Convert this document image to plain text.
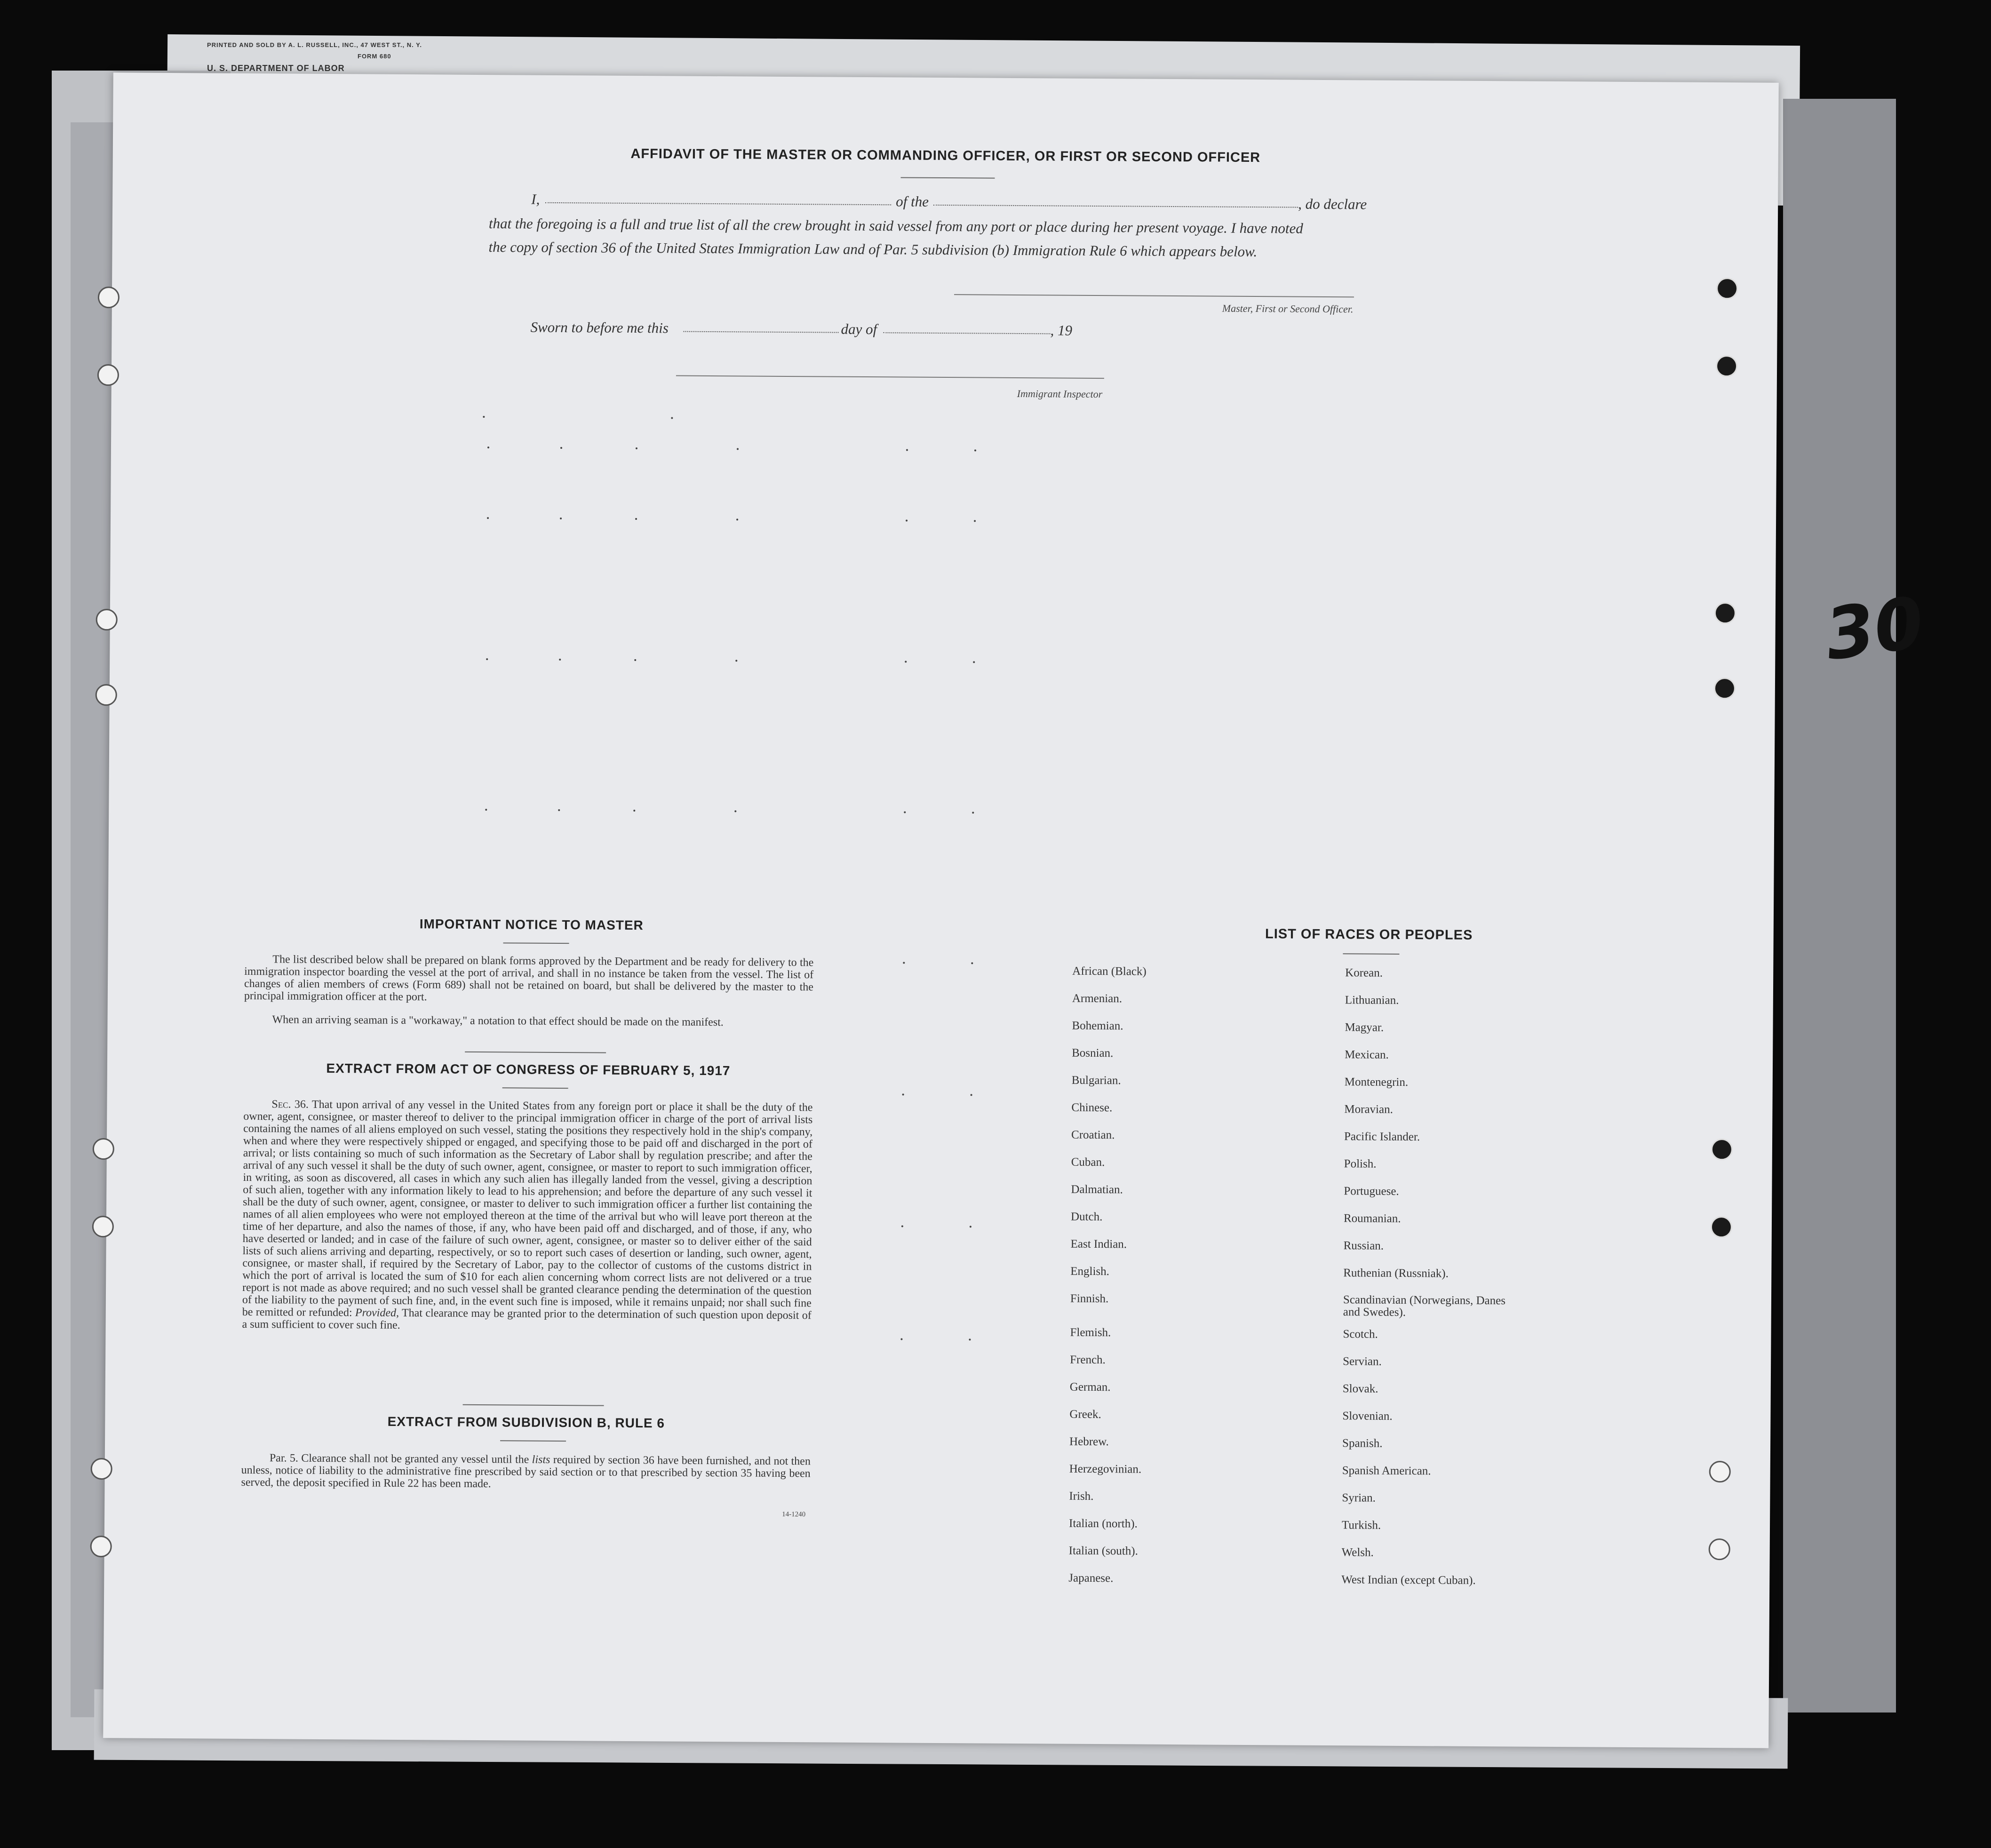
PRINTED AND SOLD BY A. L. RUSSELL, INC., 47 WEST ST., N. Y.
FORM 680
U. S. DEPARTMENT OF LABOR
30
AFFIDAVIT OF THE MASTER OR COMMANDING OFFICER, OR FIRST OR SECOND OFFICER
I,	of the	, do declare
that the foregoing is a full and true list of all the crew brought in said vessel from any port or place during her present voyage. I have noted
the copy of section 36 of the United States Immigration Law and of Par. 5 subdivision (b) Immigration Rule 6 which appears below.
Master, First or Second Officer.
Sworn to before me this	day of	, 19
Immigrant Inspector
IMPORTANT NOTICE TO MASTER
The list described below shall be prepared on blank forms approved by the Department and be ready for delivery to the immigration inspector boarding the vessel at the port of arrival, and shall in no instance be taken from the vessel. The list of changes of alien members of crews (Form 689) shall not be retained on board, but shall be delivered by the master to the principal immigration officer at the port.
When an arriving seaman is a "workaway," a notation to that effect should be made on the manifest.
EXTRACT FROM ACT OF CONGRESS OF FEBRUARY 5, 1917
Sec. 36. That upon arrival of any vessel in the United States from any foreign port or place it shall be the duty of the owner, agent, consignee, or master thereof to deliver to the principal immigration officer in charge of the port of arrival lists containing the names of all aliens employed on such vessel, stating the positions they respectively hold in the ship's company, when and where they were respectively shipped or engaged, and specifying those to be paid off and discharged in the port of arrival; or lists containing so much of such information as the Secretary of Labor shall by regulation prescribe; and after the arrival of any such vessel it shall be the duty of such owner, agent, consignee, or master to report to such immigration officer, in writing, as soon as discovered, all cases in which any such alien has illegally landed from the vessel, giving a description of such alien, together with any information likely to lead to his apprehension; and before the departure of any such vessel it shall be the duty of such owner, agent, consignee, or master to deliver to such immigration officer a further list containing the names of all alien employees who were not employed thereon at the time of the arrival but who will leave port thereon at the time of her departure, and also the names of those, if any, who have been paid off and discharged, and of those, if any, who have deserted or landed; and in case of the failure of such owner, agent, consignee, or master so to deliver either of the said lists of such aliens arriving and departing, respectively, or so to report such cases of desertion or landing, such owner, agent, consignee, or master shall, if required by the Secretary of Labor, pay to the collector of customs of the customs district in which the port of arrival is located the sum of $10 for each alien concerning whom correct lists are not delivered or a true report is not made as above required; and no such vessel shall be granted clearance pending the determination of the question of the liability to the payment of such fine, and, in the event such fine is imposed, while it remains unpaid; nor shall such fine be remitted or refunded: Provided, That clearance may be granted prior to the determination of such question upon deposit of a sum sufficient to cover such fine.
EXTRACT FROM SUBDIVISION B, RULE 6
Par. 5. Clearance shall not be granted any vessel until the lists required by section 36 have been furnished, and not then unless, notice of liability to the administrative fine prescribed by said section or to that prescribed by section 35 having been served, the deposit specified in Rule 22 has been made.
14-1240
LIST OF RACES OR PEOPLES
African (Black)
Armenian.
Bohemian.
Bosnian.
Bulgarian.
Chinese.
Croatian.
Cuban.
Dalmatian.
Dutch.
East Indian.
English.
Finnish.
Flemish.
French.
German.
Greek.
Hebrew.
Herzegovinian.
Irish.
Italian (north).
Italian (south).
Japanese.
Korean.
Lithuanian.
Magyar.
Mexican.
Montenegrin.
Moravian.
Pacific Islander.
Polish.
Portuguese.
Roumanian.
Russian.
Ruthenian (Russniak).
Scandinavian (Norwegians, Danes and Swedes).
Scotch.
Servian.
Slovak.
Slovenian.
Spanish.
Spanish American.
Syrian.
Turkish.
Welsh.
West Indian (except Cuban).
